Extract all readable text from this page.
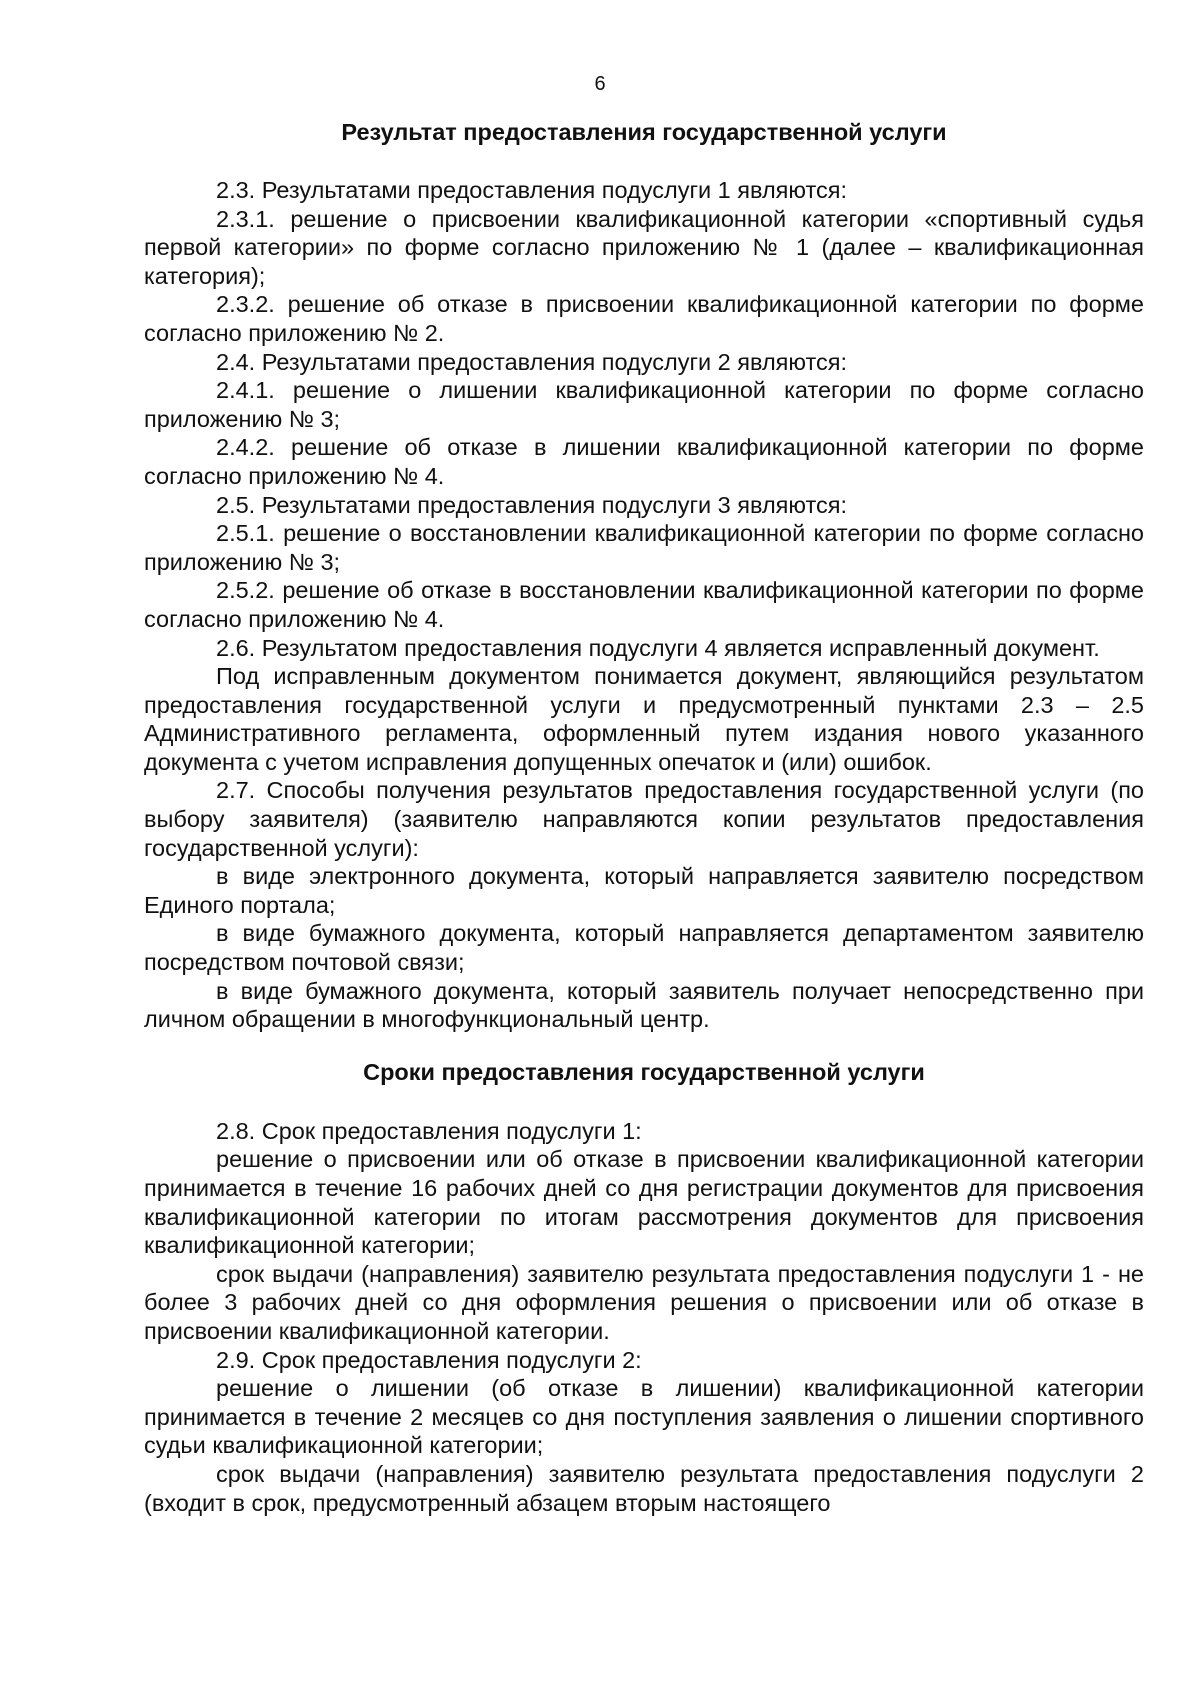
6
Результат предоставления государственной услуги

2.3. Результатами предоставления подуслуги 1 являются:

2.3.1. решение о присвоении квалификационной категории «спортивный судья первой категории» по форме согласно приложению № 1 (далее – квалификационная категория);

2.3.2. решение об отказе в присвоении квалификационной категории по форме согласно приложению № 2.

2.4. Результатами предоставления подуслуги 2 являются:

2.4.1. решение о лишении квалификационной категории по форме согласно приложению № 3;

2.4.2. решение об отказе в лишении квалификационной категории по форме согласно приложению № 4.

2.5. Результатами предоставления подуслуги 3 являются:

2.5.1. решение о восстановлении квалификационной категории по форме согласно приложению № 3;

2.5.2. решение об отказе в восстановлении квалификационной категории по форме согласно приложению № 4.

2.6. Результатом предоставления подуслуги 4 является исправленный документ.

Под исправленным документом понимается документ, являющийся результатом предоставления государственной услуги и предусмотренный пунктами 2.3 – 2.5 Административного регламента, оформленный путем издания нового указанного документа с учетом исправления допущенных опечаток и (или) ошибок.

2.7. Способы получения результатов предоставления государственной услуги (по выбору заявителя) (заявителю направляются копии результатов предоставления государственной услуги):

в виде электронного документа, который направляется заявителю посредством Единого портала;

в виде бумажного документа, который направляется департаментом заявителю посредством почтовой связи;

в виде бумажного документа, который заявитель получает непосредственно при личном обращении в многофункциональный центр.

Сроки предоставления государственной услуги

2.8. Срок предоставления подуслуги 1:

решение о присвоении или об отказе в присвоении квалификационной категории принимается в течение 16 рабочих дней со дня регистрации документов для присвоения квалификационной категории по итогам рассмотрения документов для присвоения квалификационной категории;

срок выдачи (направления) заявителю результата предоставления подуслуги 1 - не более 3 рабочих дней со дня оформления решения о присвоении или об отказе в присвоении квалификационной категории.

2.9. Срок предоставления подуслуги 2:

решение о лишении (об отказе в лишении) квалификационной категории принимается в течение 2 месяцев со дня поступления заявления о лишении спортивного судьи квалификационной категории;

срок выдачи (направления) заявителю результата предоставления подуслуги 2 (входит в срок, предусмотренный абзацем вторым настоящего
